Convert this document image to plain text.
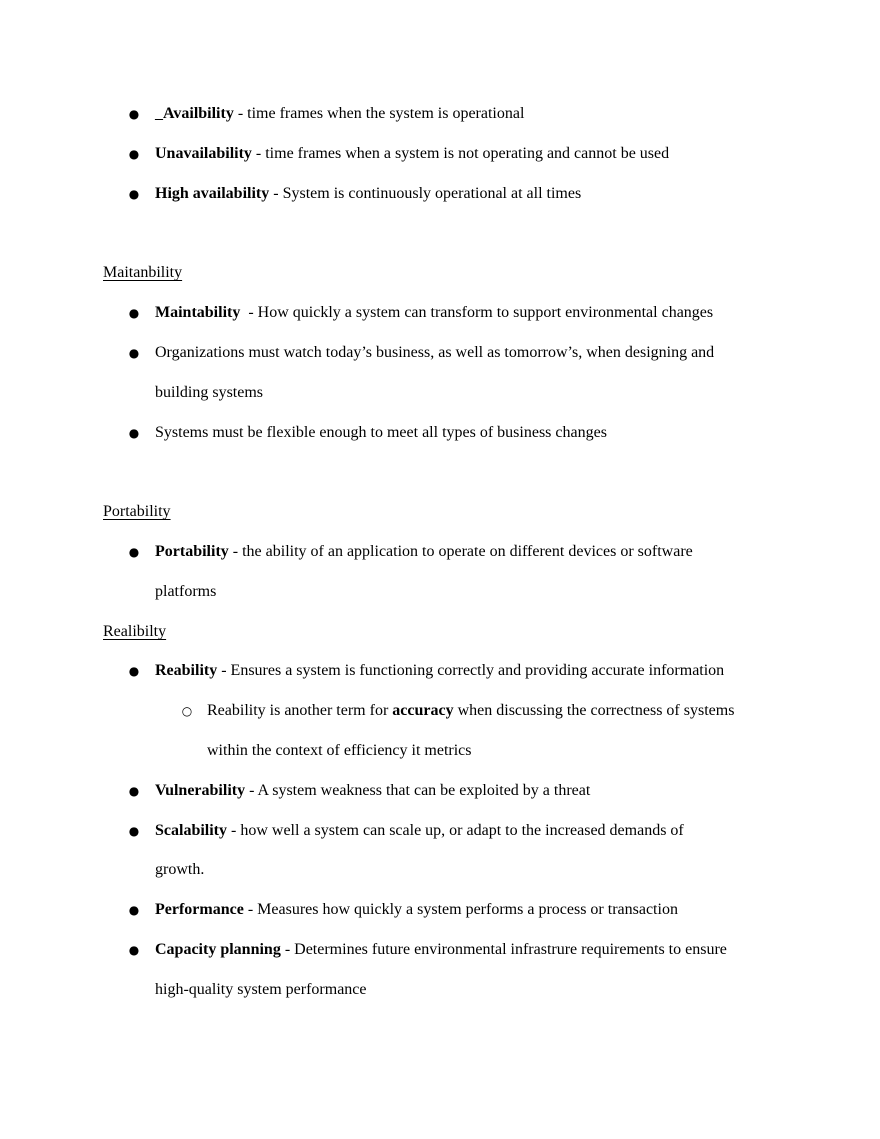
● _Availbility - time frames when the system is operational
● Unavailability - time frames when a system is not operating and cannot be used
● High availability - System is continuously operational at all times
Maitanbility
● Maintability  - How quickly a system can transform to support environmental changes
● Organizations must watch today’s business, as well as tomorrow’s, when designing and
building systems
● Systems must be flexible enough to meet all types of business changes
Portability
● Portability - the ability of an application to operate on different devices or software
platforms
Realibilty
● Reability - Ensures a system is functioning correctly and providing accurate information
○ Reability is another term for accuracy when discussing the correctness of systems
within the context of efficiency it metrics
● Vulnerability - A system weakness that can be exploited by a threat
● Scalability - how well a system can scale up, or adapt to the increased demands of
growth.
● Performance - Measures how quickly a system performs a process or transaction
● Capacity planning - Determines future environmental infrastrure requirements to ensure
high-quality system performance
